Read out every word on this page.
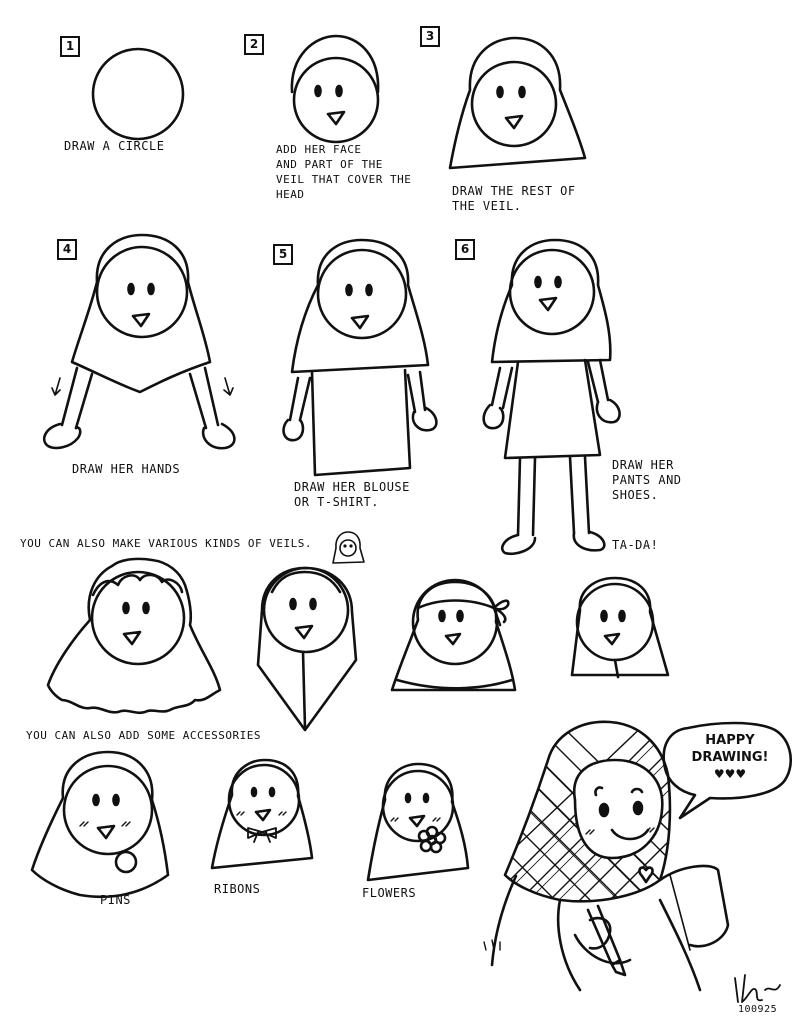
1	2
3
4	5	6
DRAW A CIRCLE	ADD HER FACE
AND PART OF THE
VEIL THAT COVER THE
HEAD	DRAW THE REST OF
THE VEIL.
DRAW HER HANDS
DRAW HER BLOUSE
OR T-SHIRT.
DRAW HER
PANTS AND
SHOES.
TA-DA!
YOU CAN ALSO MAKE VARIOUS KINDS OF VEILS.
YOU CAN ALSO ADD SOME ACCESSORIES
PINS
RIBONS	FLOWERS
HAPPY
DRAWING!
♥♥♥
100925
